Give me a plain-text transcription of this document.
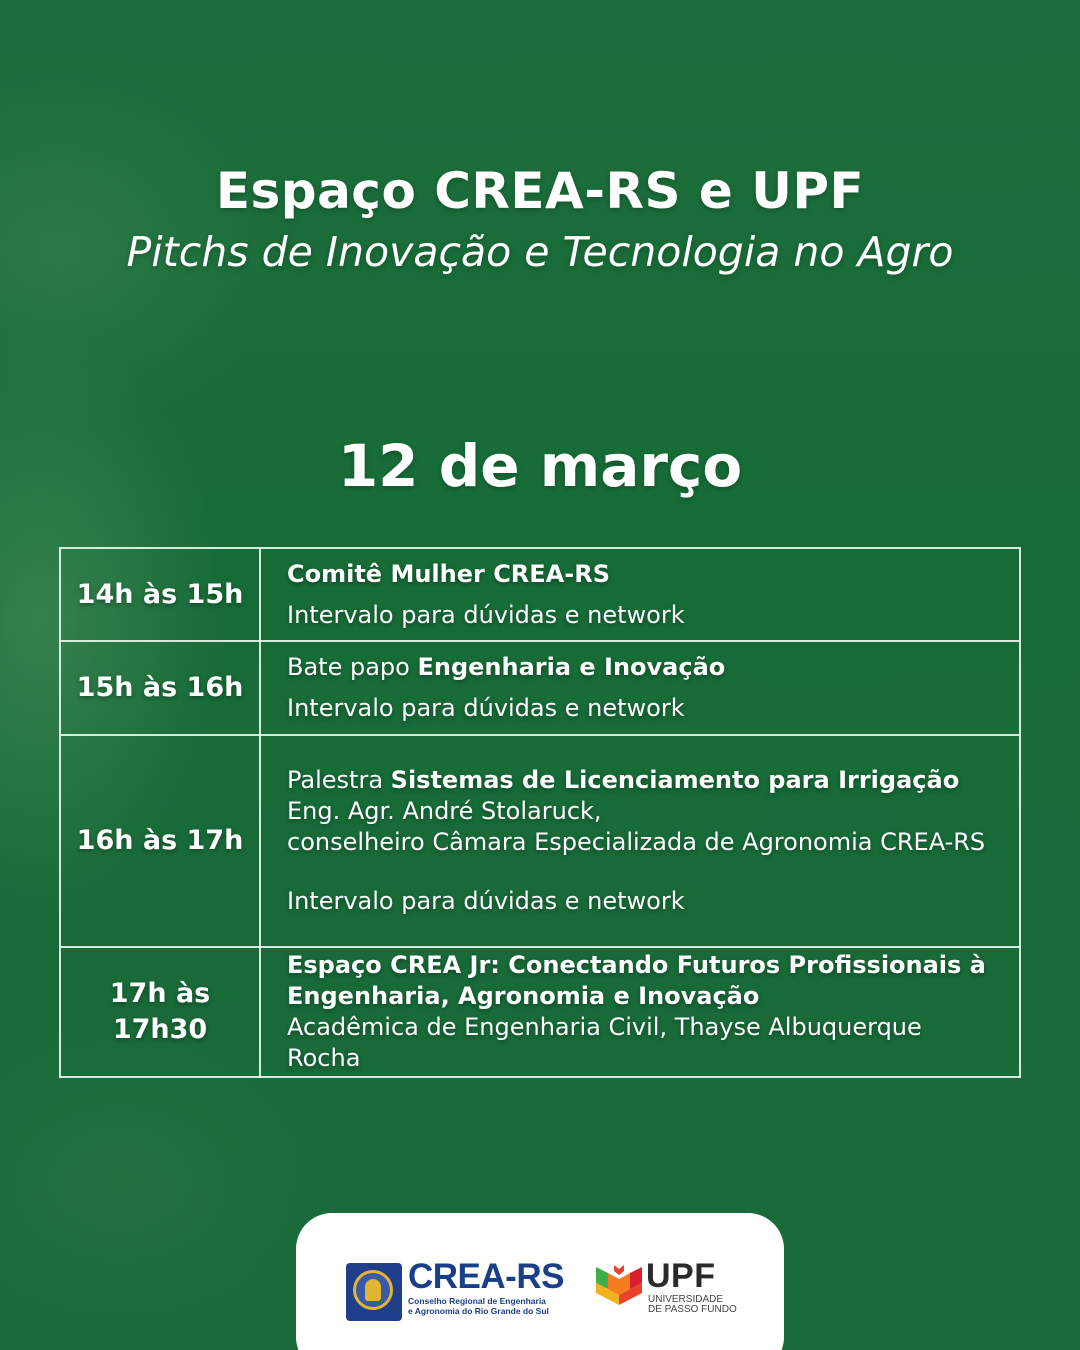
Espaço CREA-RS e UPF
Pitchs de Inovação e Tecnologia no Agro
12 de março
14h às 15h	Comitê Mulher CREA-RS
Intervalo para dúvidas e network

15h às 16h	Bate papo Engenharia e Inovação
Intervalo para dúvidas e network

16h às 17h	Palestra Sistemas de Licenciamento para Irrigação
Eng. Agr. André Stolaruck,
conselheiro Câmara Especializada de Agronomia CREA-RS
Intervalo para dúvidas e network

17h às
17h30	Espaço CREA Jr: Conectando Futuros Profissionais à
Engenharia, Agronomia e Inovação
Acadêmica de Engenharia Civil, Thayse Albuquerque Rocha
CREA-RS
Conselho Regional de Engenharia
e Agronomia do Rio Grande do Sul
UPF
UNIVERSIDADE
DE PASSO FUNDO
